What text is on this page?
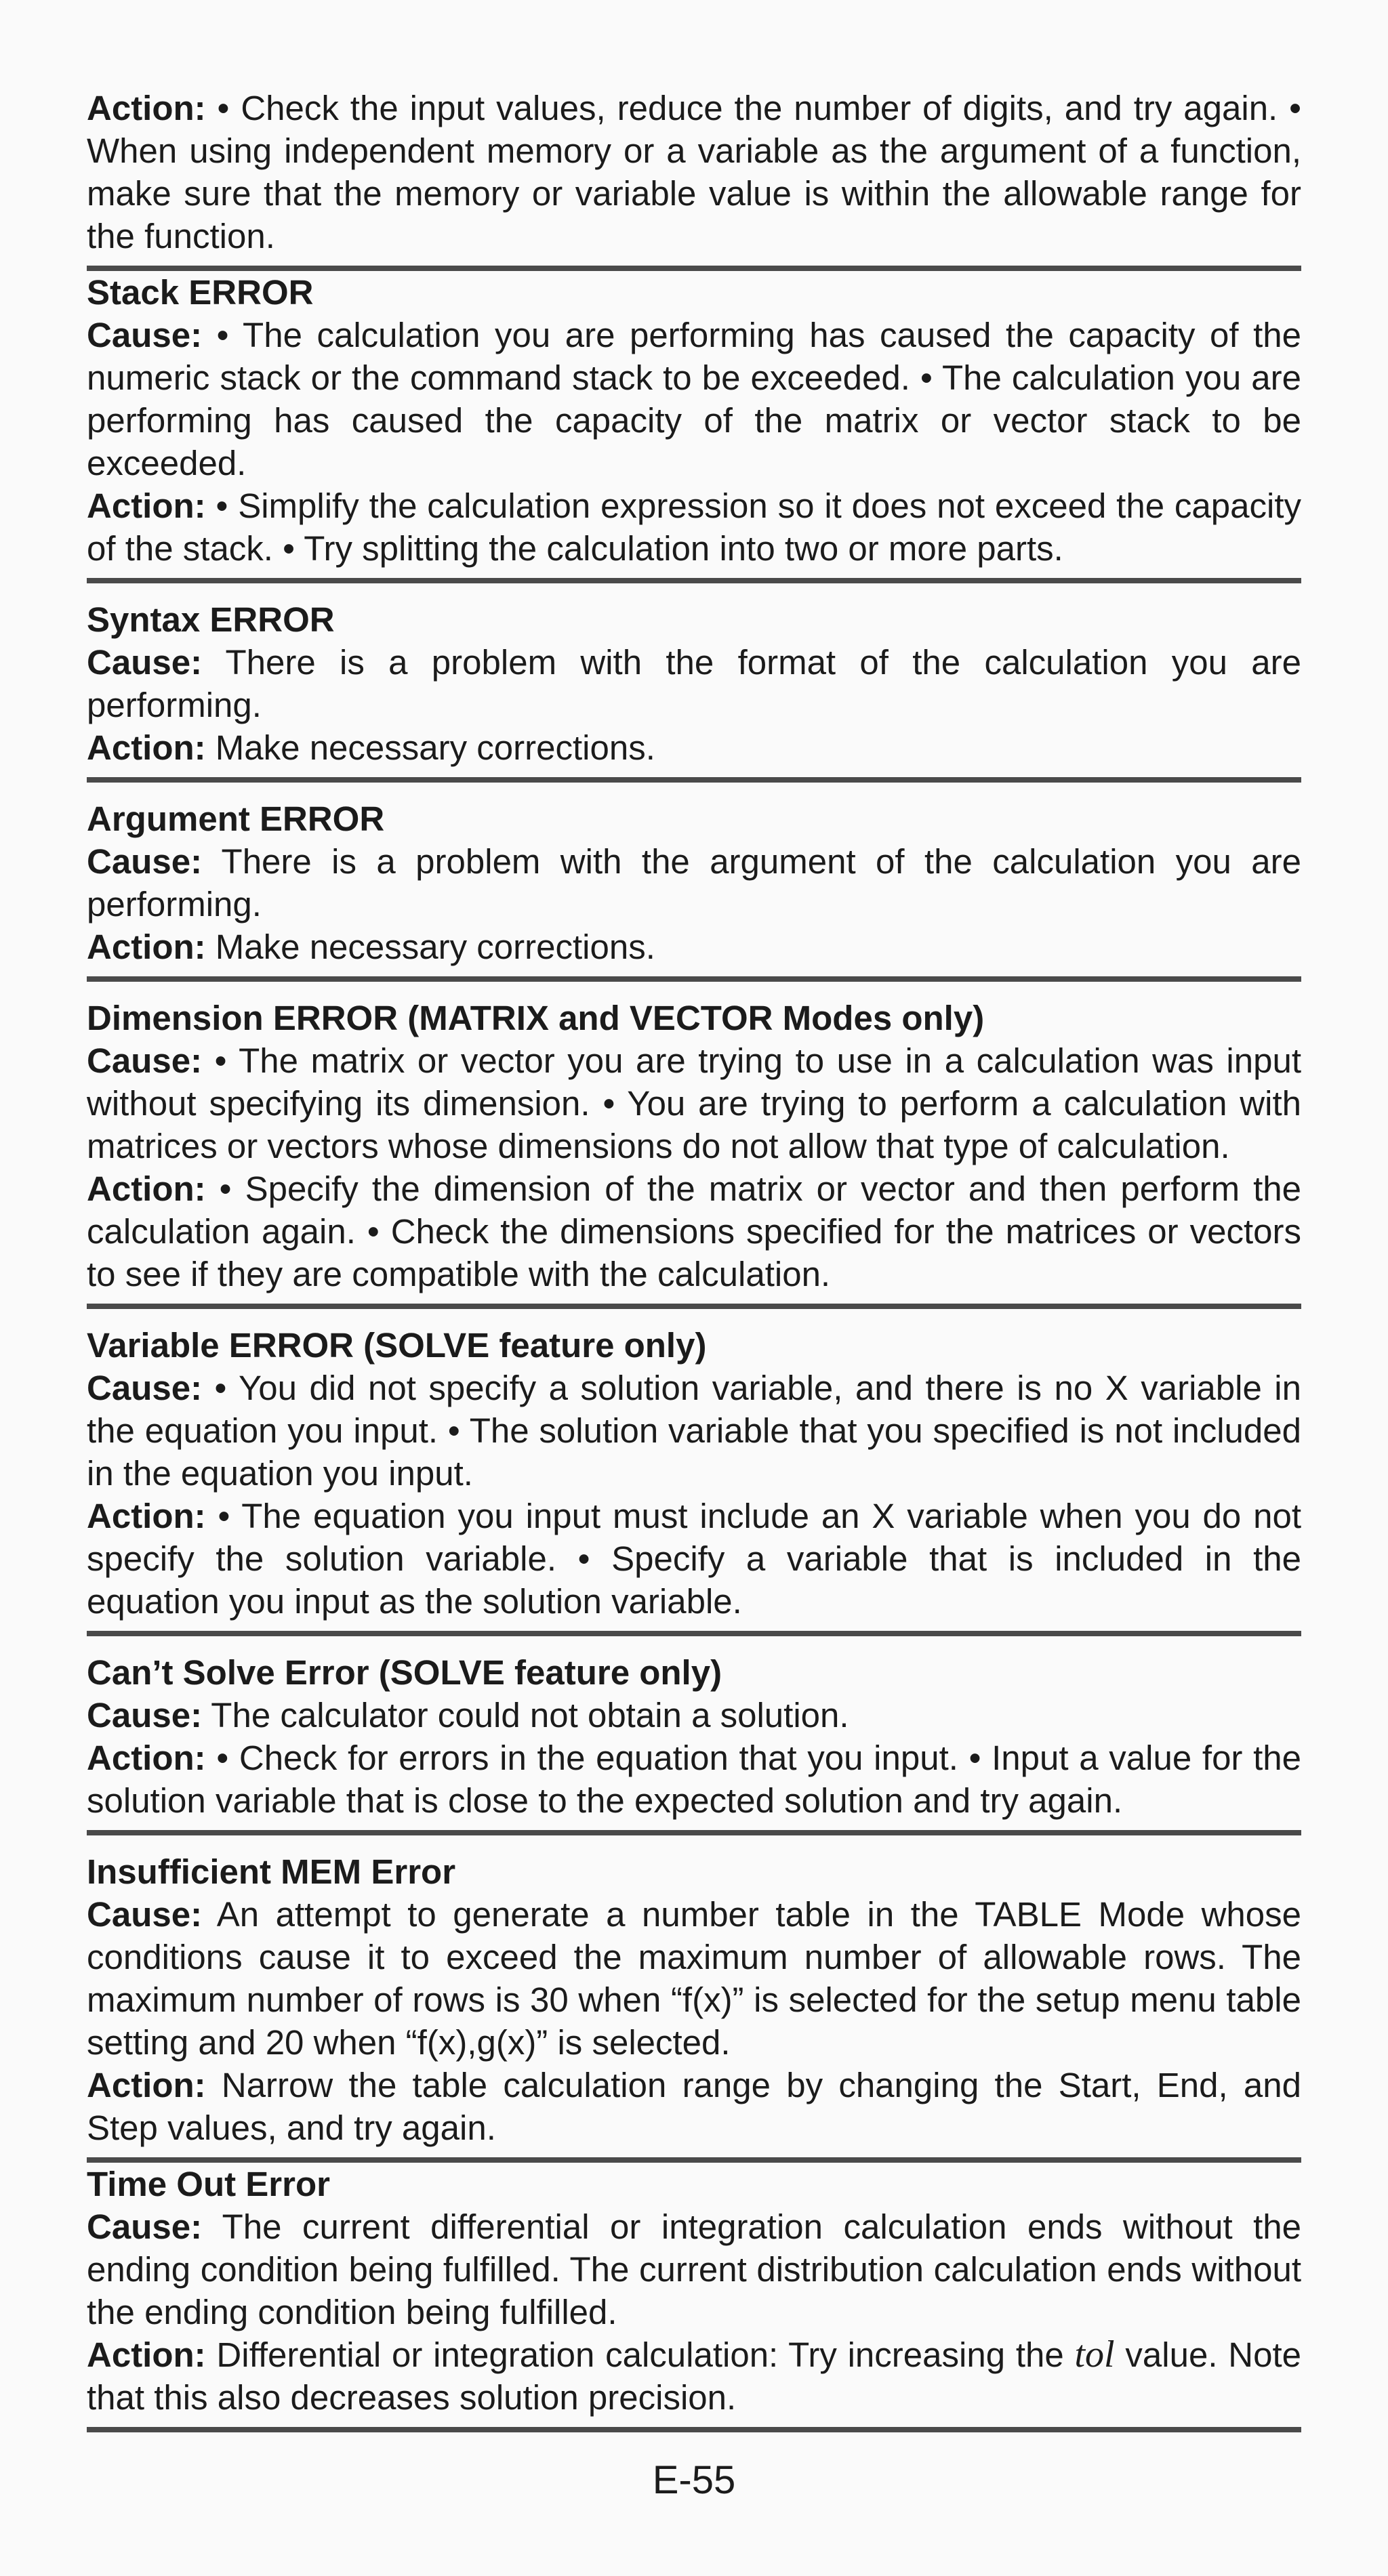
Action: • Check the input values, reduce the number of digits, and try again. • When using independent memory or a variable as the argument of a function, make sure that the memory or variable value is within the allowable range for the function.

Stack ERROR

Cause: • The calculation you are performing has caused the capacity of the numeric stack or the command stack to be exceeded. • The calculation you are performing has caused the capacity of the matrix or vector stack to be exceeded.

Action: • Simplify the calculation expression so it does not exceed the capacity of the stack. • Try splitting the calculation into two or more parts.

Syntax ERROR

Cause: There is a problem with the format of the calculation you are performing.

Action: Make necessary corrections.

Argument ERROR

Cause: There is a problem with the argument of the calculation you are performing.

Action: Make necessary corrections.

Dimension ERROR (MATRIX and VECTOR Modes only)

Cause: • The matrix or vector you are trying to use in a calculation was input without specifying its dimension. • You are trying to perform a calculation with matrices or vectors whose dimensions do not allow that type of calculation.

Action: • Specify the dimension of the matrix or vector and then perform the calculation again. • Check the dimensions specified for the matrices or vectors to see if they are compatible with the calculation.

Variable ERROR (SOLVE feature only)

Cause: • You did not specify a solution variable, and there is no X variable in the equation you input. • The solution variable that you specified is not included in the equation you input.

Action: • The equation you input must include an X variable when you do not specify the solution variable. • Specify a variable that is included in the equation you input as the solution variable.

Can’t Solve Error (SOLVE feature only)

Cause: The calculator could not obtain a solution.

Action: • Check for errors in the equation that you input. • Input a value for the solution variable that is close to the expected solution and try again.

Insufficient MEM Error

Cause: An attempt to generate a number table in the TABLE Mode whose conditions cause it to exceed the maximum number of allowable rows. The maximum number of rows is 30 when “f(x)” is selected for the setup menu table setting and 20 when “f(x),g(x)” is selected.

Action: Narrow the table calculation range by changing the Start, End, and Step values, and try again.

Time Out Error

Cause: The current differential or integration calculation ends without the ending condition being fulfilled. The current distribution calculation ends without the ending condition being fulfilled.

Action: Differential or integration calculation: Try increasing the tol value. Note that this also decreases solution precision.

E-55
